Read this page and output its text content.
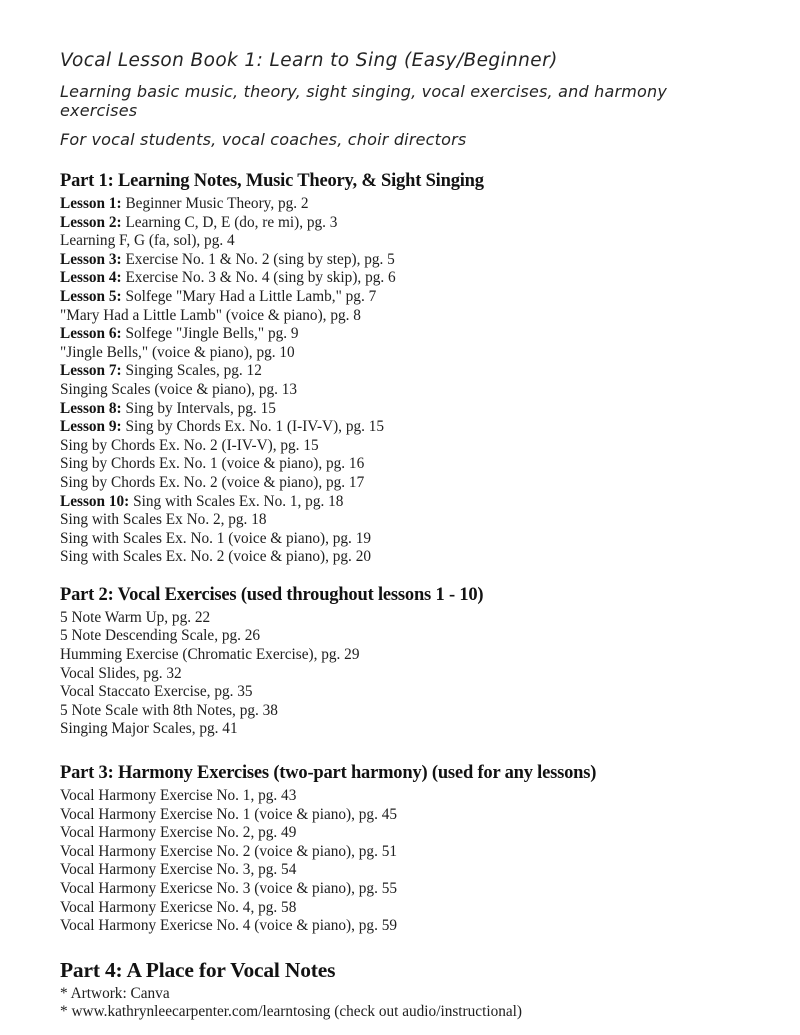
Vocal Lesson Book 1: Learn to Sing (Easy/Beginner)

Learning basic music, theory, sight singing, vocal exercises, and harmony exercises

For vocal students, vocal coaches, choir directors

Part 1: Learning Notes, Music Theory, & Sight Singing
Lesson 1: Beginner Music Theory, pg. 2
Lesson 2: Learning C, D, E (do, re mi), pg. 3
Learning F, G (fa, sol), pg. 4
Lesson 3: Exercise No. 1 & No. 2 (sing by step), pg. 5
Lesson 4: Exercise No. 3 & No. 4 (sing by skip), pg. 6
Lesson 5: Solfege "Mary Had a Little Lamb," pg. 7
"Mary Had a Little Lamb" (voice & piano), pg. 8
Lesson 6: Solfege "Jingle Bells," pg. 9
"Jingle Bells," (voice & piano), pg. 10
Lesson 7: Singing Scales, pg. 12
Singing Scales (voice & piano), pg. 13
Lesson 8: Sing by Intervals, pg. 15
Lesson 9: Sing by Chords Ex. No. 1 (I-IV-V), pg. 15
Sing by Chords Ex. No. 2 (I-IV-V), pg. 15
Sing by Chords Ex. No. 1 (voice & piano), pg. 16
Sing by Chords Ex. No. 2 (voice & piano), pg. 17
Lesson 10: Sing with Scales Ex. No. 1, pg. 18
Sing with Scales Ex No. 2, pg. 18
Sing with Scales Ex. No. 1 (voice & piano), pg. 19
Sing with Scales Ex. No. 2 (voice & piano), pg. 20
Part 2: Vocal Exercises (used throughout lessons 1 - 10)
5 Note Warm Up, pg. 22
5 Note Descending Scale, pg. 26
Humming Exercise (Chromatic Exercise), pg. 29
Vocal Slides, pg. 32
Vocal Staccato Exercise, pg. 35
5 Note Scale with 8th Notes, pg. 38
Singing Major Scales, pg. 41
Part 3: Harmony Exercises (two-part harmony) (used for any lessons)
Vocal Harmony Exercise No. 1, pg. 43
Vocal Harmony Exercise No. 1 (voice & piano), pg. 45
Vocal Harmony Exercise No. 2, pg. 49
Vocal Harmony Exercise No. 2 (voice & piano), pg. 51
Vocal Harmony Exercise No. 3, pg. 54
Vocal Harmony Exericse No. 3 (voice & piano), pg. 55
Vocal Harmony Exericse No. 4, pg. 58
Vocal Harmony Exericse No. 4 (voice & piano), pg. 59
Part 4: A Place for Vocal Notes
* Artwork: Canva
* www.kathrynleecarpenter.com/learntosing (check out audio/instructional)
